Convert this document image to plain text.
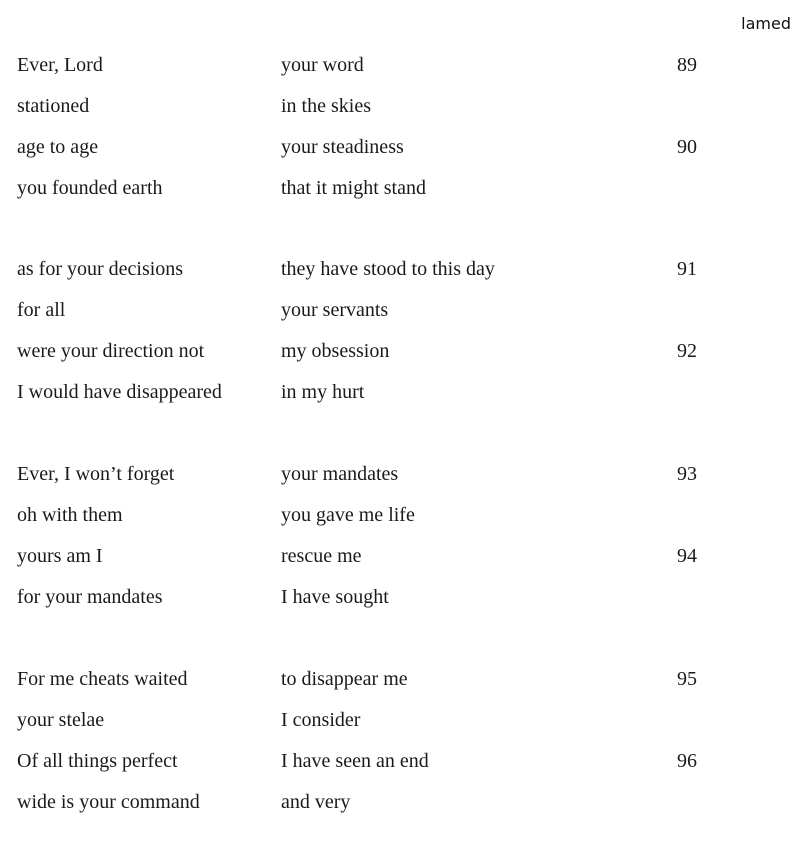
lamed
Ever, Lord	your word	89
stationed	in the skies
age to age	your steadiness	90
you founded earth	that it might stand
as for your decisions	they have stood to this day	91
for all	your servants
were your direction not	my obsession	92
I would have disappeared	in my hurt
Ever, I won’t forget	your mandates	93
oh with them	you gave me life
yours am I	rescue me	94
for your mandates	I have sought
For me cheats waited	to disappear me	95
your stelae	I consider
Of all things perfect	I have seen an end	96
wide is your command	and very
